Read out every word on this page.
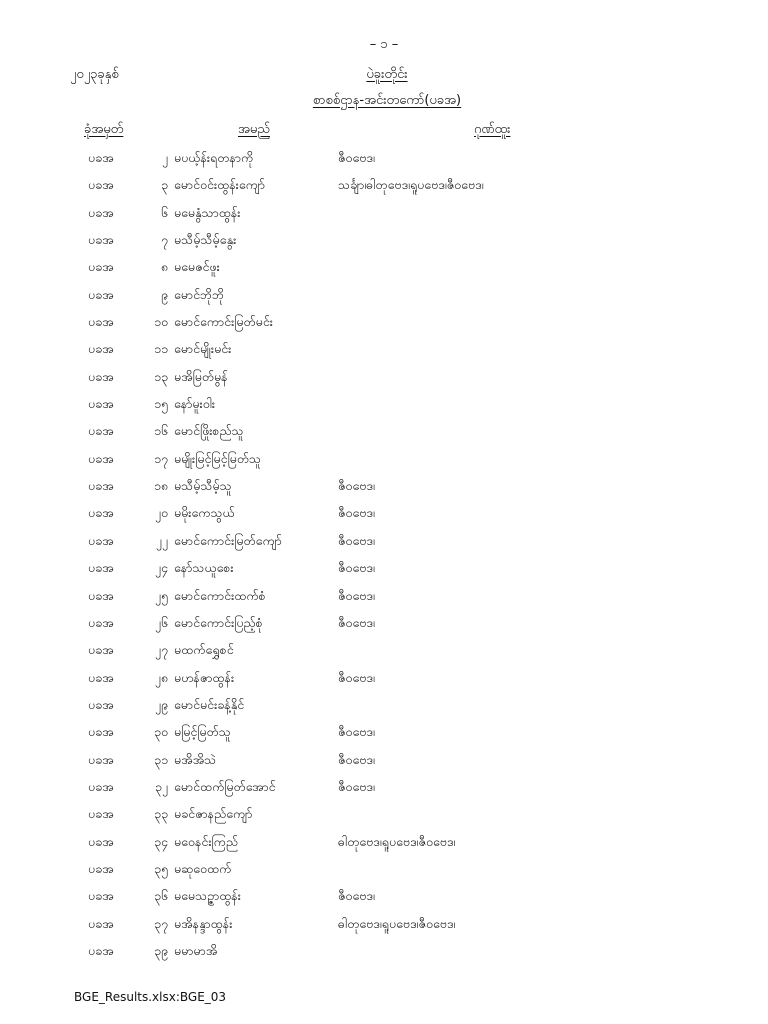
– ၁ –
၂၀၂၃ခုနှစ်	ပဲခူးတိုင်း
စာစစ်ဌာန-အင်းတကော်(ပခအ)
ခုံအမှတ်	အမည်	ဂုဏ်ထူး
ပခအ	၂ မပယ့်န်းရတနာကို	ဇီဝဗေဒ၊
ပခအ	၃ မောင်ဝင်းထွန်းကျော်	သင်္ချာ၊ဓါတုဗေဒ၊ရူပဗေဒ၊ဇီဝဗေဒ၊
ပခအ	၆ မမေနွံသာထွန်း
ပခအ	၇ မသီမ့်သီမ့်နွေး
ပခအ	၈ မမေဇင်ဖူး
ပခအ	၉ မောင်ဘိုဘို
ပခအ	၁၀ မောင်ကောင်းမြတ်မင်း
ပခအ	၁၁ မောင်မျိုးမင်း
ပခအ	၁၃ မအိမြတ်မွန်
ပခအ	၁၅ နော်မူးဝါး
ပခအ	၁၆ မောင်ဖြိုးစည်သူ
ပခအ	၁၇ မမျိုးမြင့်မြင့်မြတ်သူ
ပခအ	၁၈ မသီမ့်သီမ့်သူ	ဇီဝဗေဒ၊
ပခအ	၂၀ မမိုးကေသွယ်	ဇီဝဗေဒ၊
ပခအ	၂၂ မောင်ကောင်းမြတ်ကျော်	ဇီဝဗေဒ၊
ပခအ	၂၄ နော်သယူစေး	ဇီဝဗေဒ၊
ပခအ	၂၅ မောင်ကောင်းထက်စံ	ဇီဝဗေဒ၊
ပခအ	၂၆ မောင်ကောင်းပြည့်စုံ	ဇီဝဗေဒ၊
ပခအ	၂၇ မထက်ရွှေစင်
ပခအ	၂၈ မဟန်ဇာထွန်း	ဇီဝဗေဒ၊
ပခအ	၂၉ မောင်မင်းခန့်နိုင်
ပခအ	၃၀ မမြင့်မြတ်သူ	ဇီဝဗေဒ၊
ပခအ	၃၁ မအိအိသဲ	ဇီဝဗေဒ၊
ပခအ	၃၂ မောင်ထက်မြတ်အောင်	ဇီဝဗေဒ၊
ပခအ	၃၃ မခင်ဇာနည်ကျော်
ပခအ	၃၄ မဝေနင်းကြည်	ဓါတုဗေဒ၊ရူပဗေဒ၊ဇီဝဗေဒ၊
ပခအ	၃၅ မဆုဝေထက်
ပခအ	၃၆ မမေသဉ္ဇာထွန်း	ဇီဝဗေဒ၊
ပခအ	၃၇ မအိနန္ဒာထွန်း	ဓါတုဗေဒ၊ရူပဗေဒ၊ဇီဝဗေဒ၊
ပခအ	၃၉ မမာမာအိ
BGE_Results.xlsx:BGE_03
